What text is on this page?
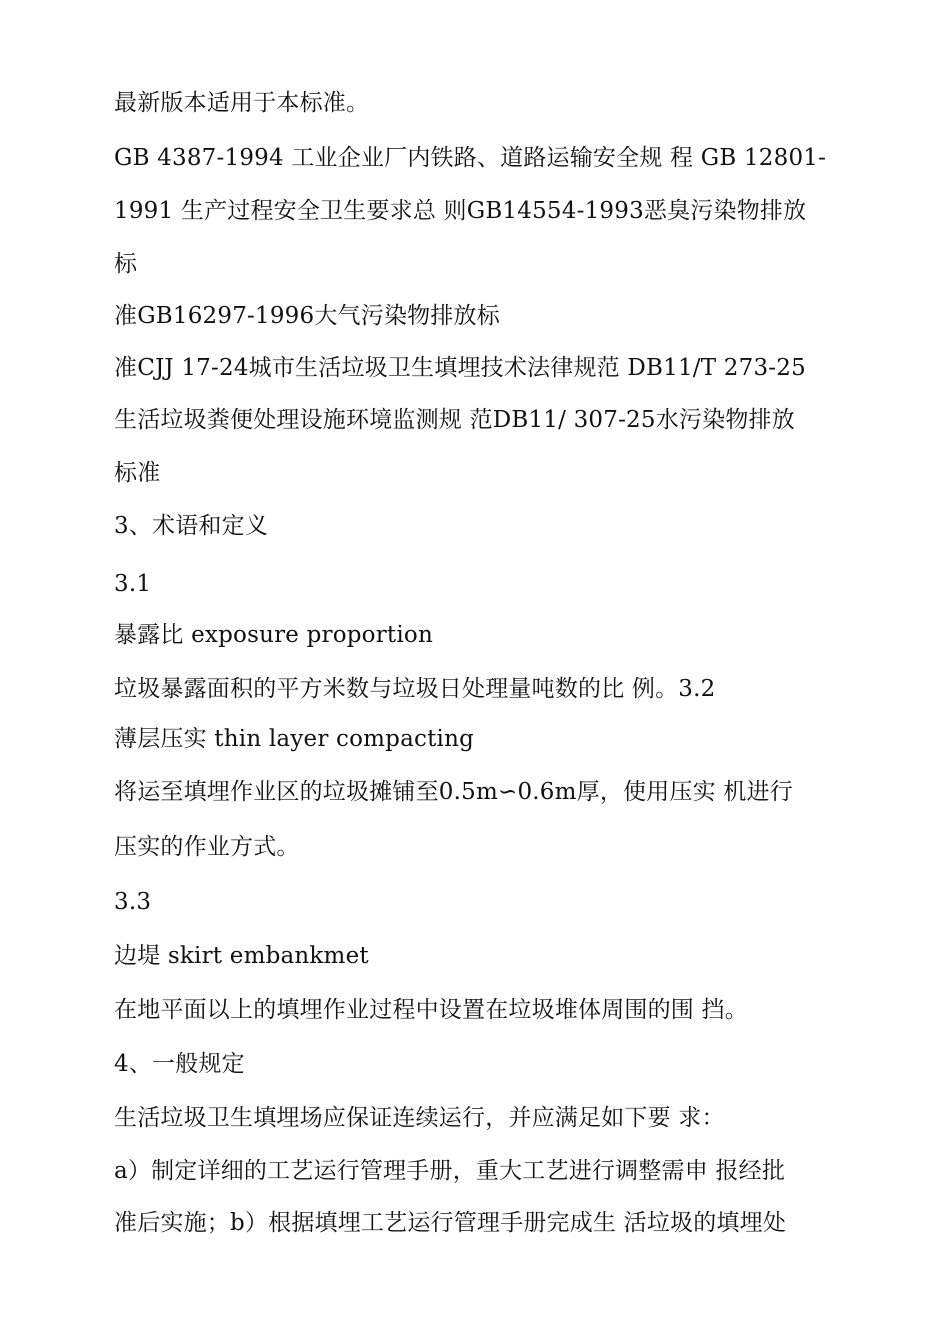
最新版本适用于本标准。
GB 4387-1994 工业企业厂内铁路、道路运输安全规 程 GB 12801-
1991 生产过程安全卫生要求总 则GB14554-1993恶臭污染物排放
标
准GB16297-1996大气污染物排放标
准CJJ 17-24城市生活垃圾卫生填埋技术法律规范 DB11/T 273-25
生活垃圾粪便处理设施环境监测规 范DB11/ 307-25水污染物排放
标准
3、术语和定义
3.1
暴露比 exposure proportion
垃圾暴露面积的平方米数与垃圾日处理量吨数的比 例。3.2
薄层压实 thin layer compacting
将运至填埋作业区的垃圾摊铺至0.5m∽0.6m厚，使用压实 机进行
压实的作业方式。
3.3
边堤 skirt embankmet
在地平面以上的填埋作业过程中设置在垃圾堆体周围的围 挡。
4、一般规定
生活垃圾卫生填埋场应保证连续运行，并应满足如下要 求：
a）制定详细的工艺运行管理手册，重大工艺进行调整需申 报经批
准后实施；b）根据填埋工艺运行管理手册完成生 活垃圾的填埋处
